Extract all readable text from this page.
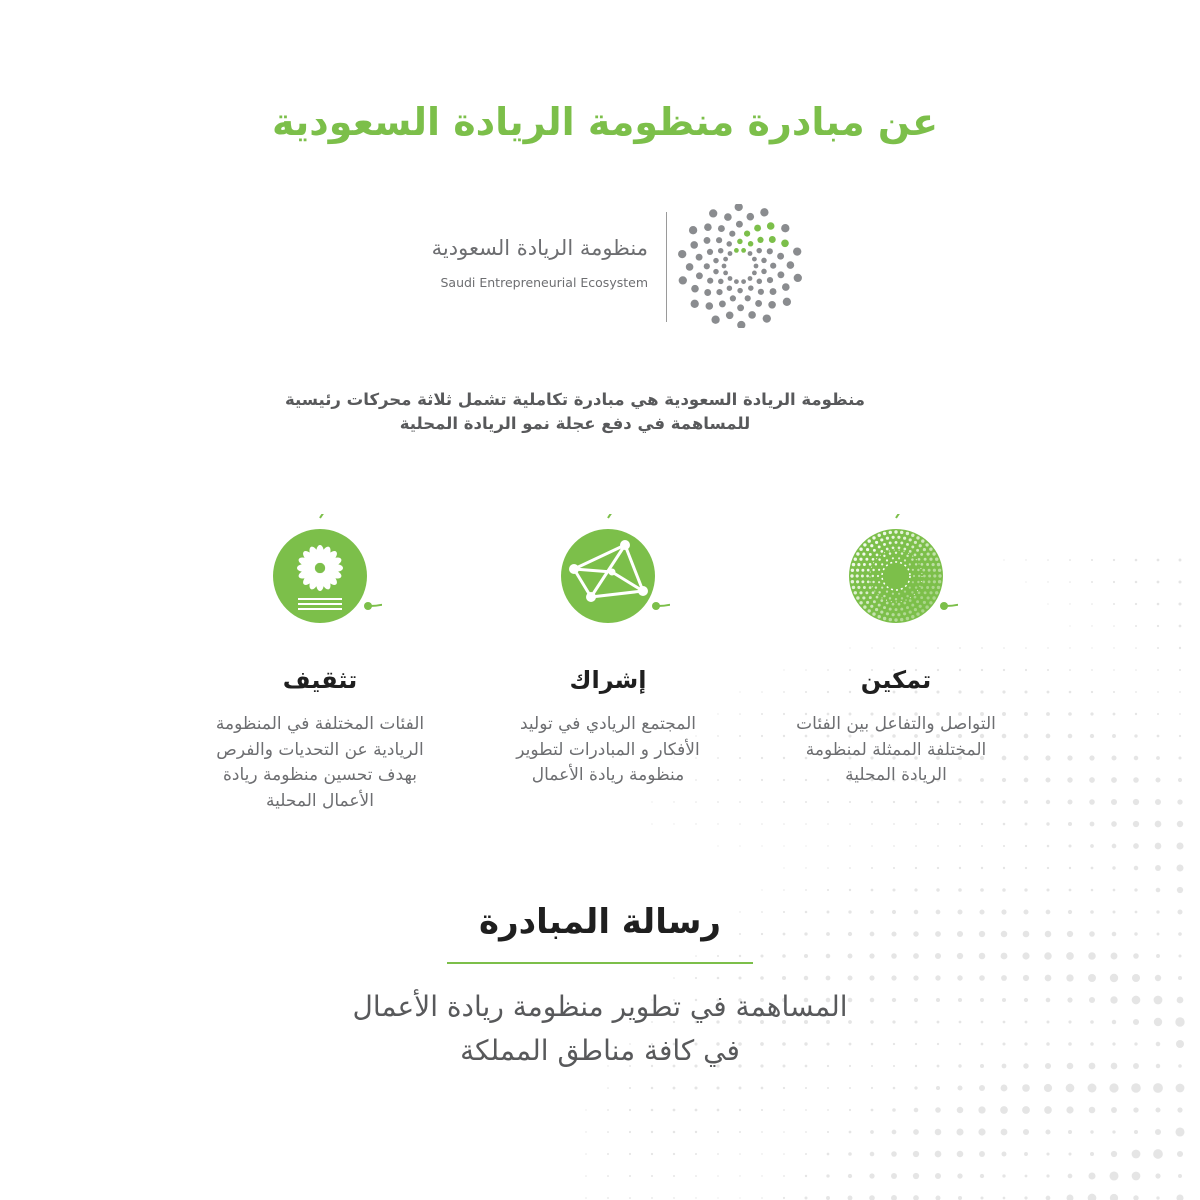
عن مبادرة منظومة الريادة السعودية
منظومة الريادة السعودية
Saudi Entrepreneurial Ecosystem

منظومة الريادة السعودية هي مبادرة تكاملية تشمل ثلاثة محركات رئيسية

للمساهمة في دفع عجلة نمو الريادة المحلية

تثقيف

الفئات المختلفة في المنظومة

الريادية عن التحديات والفرص

بهدف تحسين منظومة ريادة

الأعمال المحلية

إشراك

المجتمع الريادي في توليد

الأفكار و المبادرات لتطوير

منظومة ريادة الأعمال

تمكين

التواصل والتفاعل بين الفئات

المختلفة الممثلة لمنظومة

الريادة المحلية

رسالة المبادرة

المساهمة في تطوير منظومة ريادة الأعمال

في كافة مناطق المملكة
